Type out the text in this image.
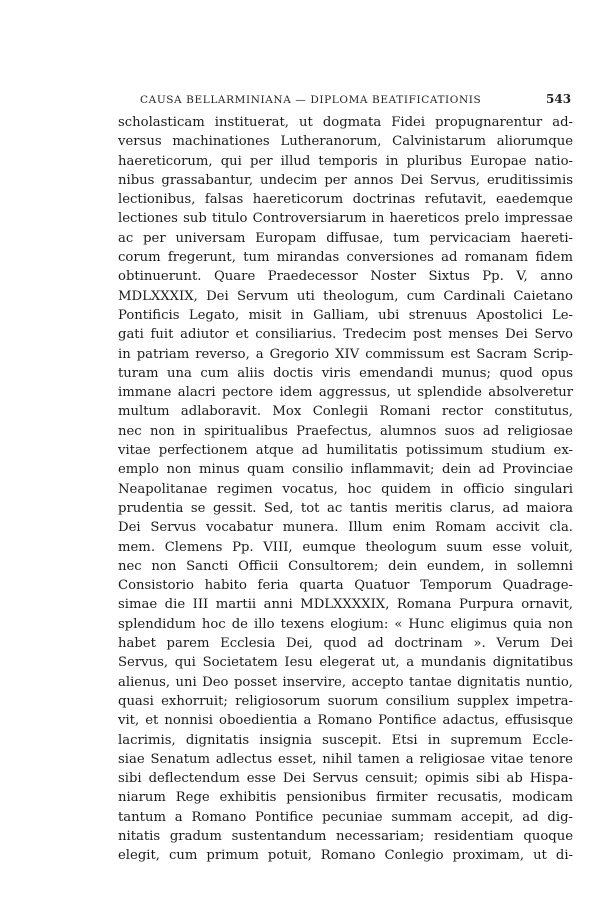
CAUSA BELLARMINIANA — DIPLOMA BEATIFICATIONIS	543
scholasticam instituerat, ut dogmata Fidei propugnarentur ad-
versus machinationes Lutheranorum, Calvinistarum aliorumque
haereticorum, qui per illud temporis in pluribus Europae natio-
nibus grassabantur, undecim per annos Dei Servus, eruditissimis
lectionibus, falsas haereticorum doctrinas refutavit, eaedemque
lectiones sub titulo Controversiarum in haereticos prelo impressae
ac per universam Europam diffusae, tum pervicaciam haereti-
corum fregerunt, tum mirandas conversiones ad romanam fidem
obtinuerunt. Quare Praedecessor Noster Sixtus Pp. V, anno
MDLXXXIX, Dei Servum uti theologum, cum Cardinali Caietano
Pontificis Legato, misit in Galliam, ubi strenuus Apostolici Le-
gati fuit adiutor et consiliarius. Tredecim post menses Dei Servo
in patriam reverso, a Gregorio XIV commissum est Sacram Scrip-
turam una cum aliis doctis viris emendandi munus; quod opus
immane alacri pectore idem aggressus, ut splendide absolveretur
multum adlaboravit. Mox Conlegii Romani rector constitutus,
nec non in spiritualibus Praefectus, alumnos suos ad religiosae
vitae perfectionem atque ad humilitatis potissimum studium ex-
emplo non minus quam consilio inflammavit; dein ad Provinciae
Neapolitanae regimen vocatus, hoc quidem in officio singulari
prudentia se gessit. Sed, tot ac tantis meritis clarus, ad maiora
Dei Servus vocabatur munera. Illum enim Romam accivit cla.
mem. Clemens Pp. VIII, eumque theologum suum esse voluit,
nec non Sancti Officii Consultorem; dein eundem, in sollemni
Consistorio habito feria quarta Quatuor Temporum Quadrage-
simae die III martii anni MDLXXXXIX, Romana Purpura ornavit,
splendidum hoc de illo texens elogium: « Hunc eligimus quia non
habet parem Ecclesia Dei, quod ad doctrinam ». Verum Dei
Servus, qui Societatem Iesu elegerat ut, a mundanis dignitatibus
alienus, uni Deo posset inservire, accepto tantae dignitatis nuntio,
quasi exhorruit; religiosorum suorum consilium supplex impetra-
vit, et nonnisi oboedientia a Romano Pontifice adactus, effusisque
lacrimis, dignitatis insignia suscepit. Etsi in supremum Eccle-
siae Senatum adlectus esset, nihil tamen a religiosae vitae tenore
sibi deflectendum esse Dei Servus censuit; opimis sibi ab Hispa-
niarum Rege exhibitis pensionibus firmiter recusatis, modicam
tantum a Romano Pontifice pecuniae summam accepit, ad dig-
nitatis gradum sustentandum necessariam; residentiam quoque
elegit, cum primum potuit, Romano Conlegio proximam, ut di-
